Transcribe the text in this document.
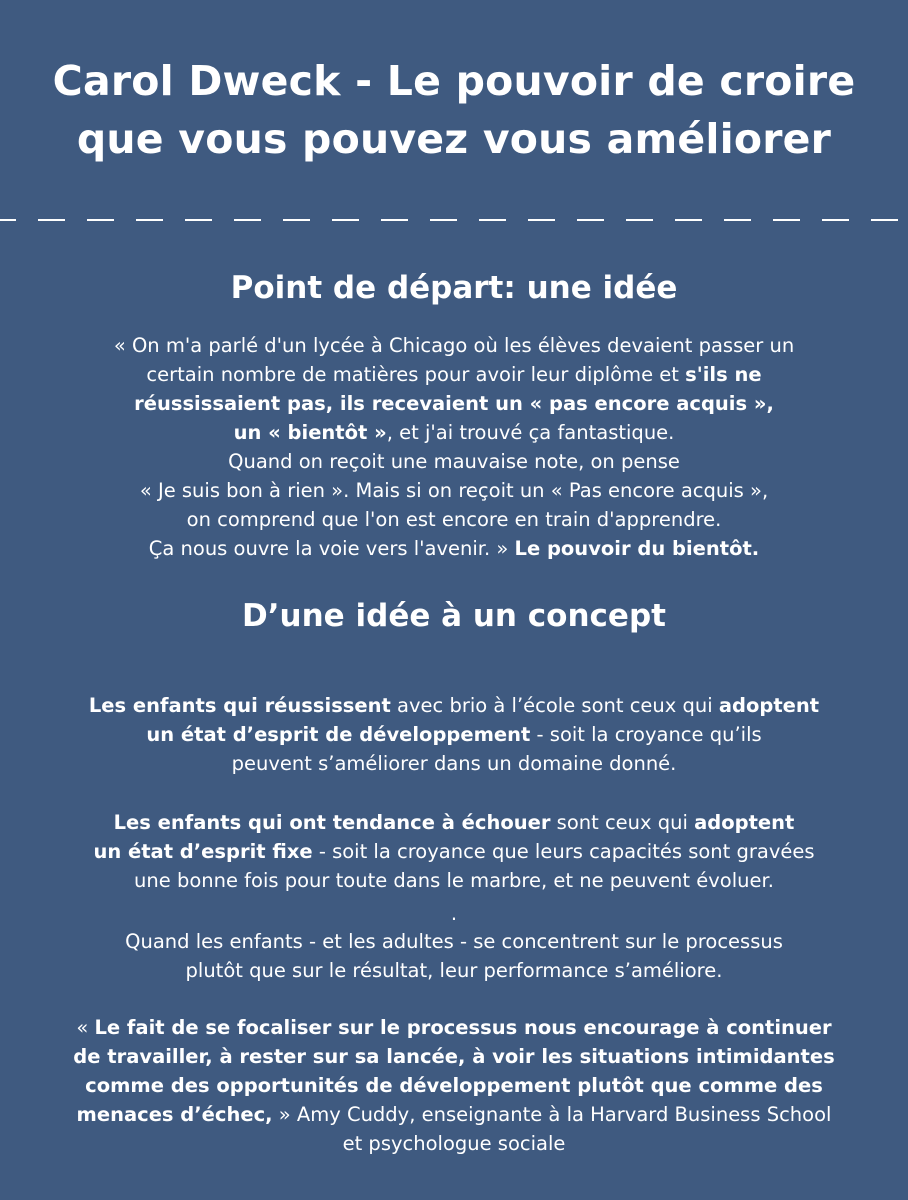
Carol Dweck - Le pouvoir de croire
que vous pouvez vous améliorer
Point de départ: une idée

« On m'a parlé d'un lycée à Chicago où les élèves devaient passer un
certain nombre de matières pour avoir leur diplôme et s'ils ne
réussissaient pas, ils recevaient un « pas encore acquis »,
un « bientôt », et j'ai trouvé ça fantastique.
Quand on reçoit une mauvaise note, on pense
« Je suis bon à rien ». Mais si on reçoit un « Pas encore acquis »,
on comprend que l'on est encore en train d'apprendre.
Ça nous ouvre la voie vers l'avenir. » Le pouvoir du bientôt.

D’une idée à un concept

Les enfants qui réussissent avec brio à l’école sont ceux qui adoptent
un état d’esprit de développement - soit la croyance qu’ils
peuvent s’améliorer dans un domaine donné.

Les enfants qui ont tendance à échouer sont ceux qui adoptent
un état d’esprit fixe - soit la croyance que leurs capacités sont gravées
une bonne fois pour toute dans le marbre, et ne peuvent évoluer.

.

Quand les enfants - et les adultes - se concentrent sur le processus
plutôt que sur le résultat, leur performance s’améliore.

« Le fait de se focaliser sur le processus nous encourage à continuer
de travailler, à rester sur sa lancée, à voir les situations intimidantes
comme des opportunités de développement plutôt que comme des
menaces d’échec, » Amy Cuddy, enseignante à la Harvard Business School
et psychologue sociale
